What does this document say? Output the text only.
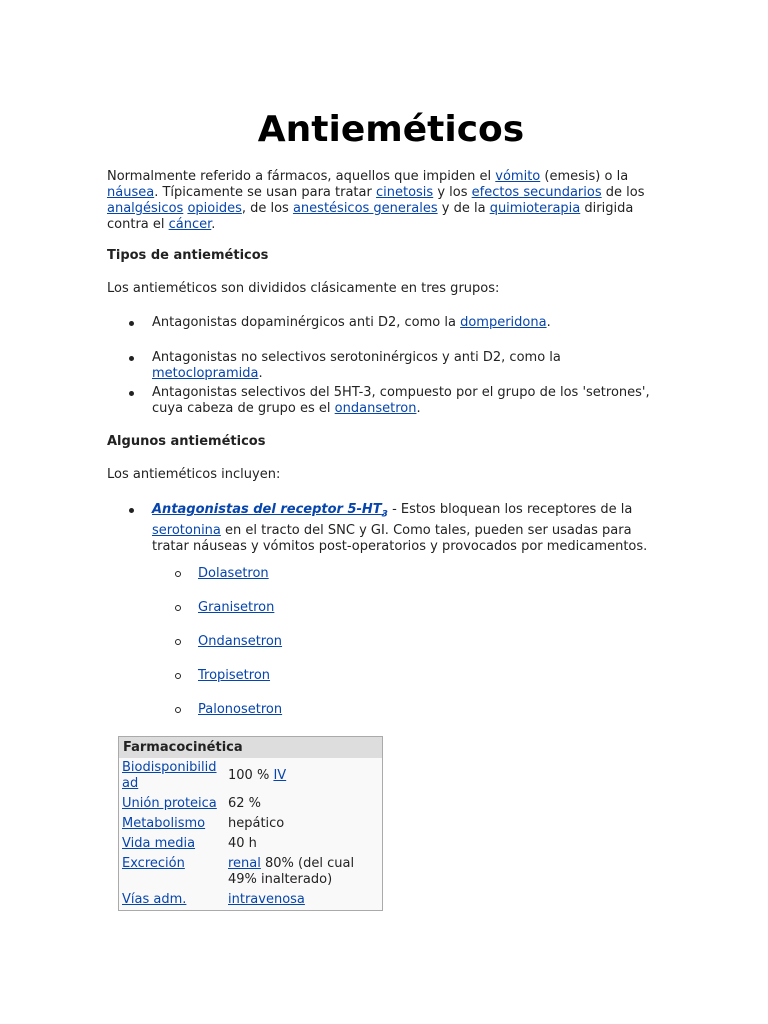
Antieméticos

Normalmente referido a fármacos, aquellos que impiden el vómito (emesis) o la náusea. Típicamente se usan para tratar cinetosis y los efectos secundarios de los analgésicos opioides, de los anestésicos generales y de la quimioterapia dirigida contra el cáncer.

Tipos de antieméticos

Los antieméticos son divididos clásicamente en tres grupos:

Antagonistas dopaminérgicos anti D2, como la domperidona.
Antagonistas no selectivos serotoninérgicos y anti D2, como la metoclopramida.
Antagonistas selectivos del 5HT-3, compuesto por el grupo de los 'setrones', cuya cabeza de grupo es el ondansetron.

Algunos antieméticos

Los antieméticos incluyen:

Antagonistas del receptor $5-HT_3$ - Estos bloquean los receptores de la serotonina en el tracto del SNC y GI. Como tales, pueden ser usadas para tratar náuseas y vómitos post-operatorios y provocados por medicamentos.
Dolasetron
Granisetron
Ondansetron
Tropisetron
Palonosetron
Farmacocinética	
Biodisponibilidad	100 % IV
Unión proteica	62 %
Metabolismo	hepático
Vida media	40 h
Excreción	renal 80% (del cual 49% inalterado)
Vías adm.	intravenosa
